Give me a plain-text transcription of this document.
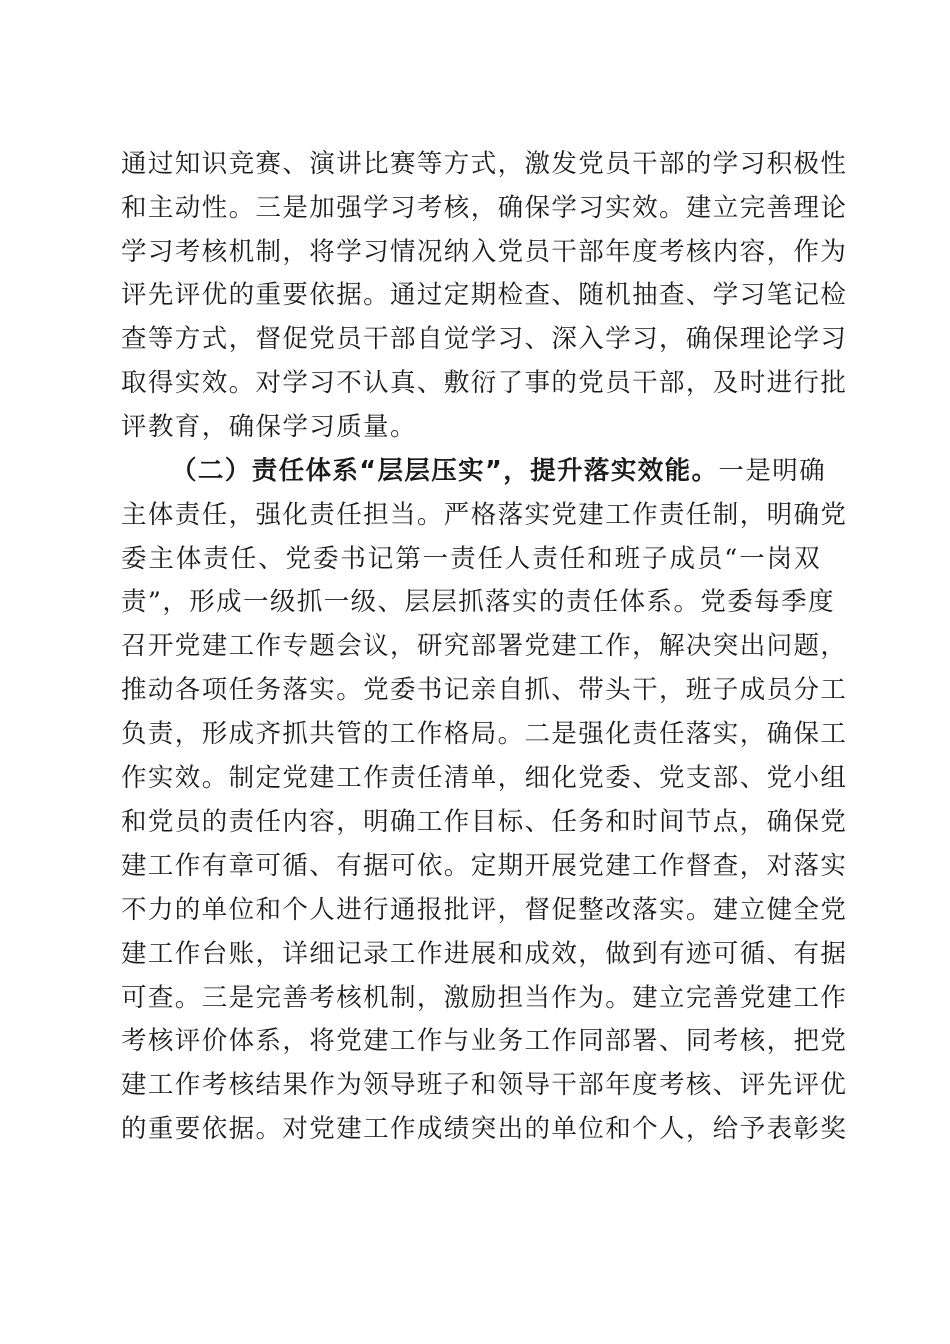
通过知识竞赛、演讲比赛等方式，激发党员干部的学习积极性
和主动性。三是加强学习考核，确保学习实效。建立完善理论
学习考核机制，将学习情况纳入党员干部年度考核内容，作为
评先评优的重要依据。通过定期检查、随机抽查、学习笔记检
查等方式，督促党员干部自觉学习、深入学习，确保理论学习
取得实效。对学习不认真、敷衍了事的党员干部，及时进行批
评教育，确保学习质量。
（二）责任体系“层层压实”，提升落实效能。一是明确
主体责任，强化责任担当。严格落实党建工作责任制，明确党
委主体责任、党委书记第一责任人责任和班子成员“一岗双
责”，形成一级抓一级、层层抓落实的责任体系。党委每季度
召开党建工作专题会议，研究部署党建工作，解决突出问题，
推动各项任务落实。党委书记亲自抓、带头干，班子成员分工
负责，形成齐抓共管的工作格局。二是强化责任落实，确保工
作实效。制定党建工作责任清单，细化党委、党支部、党小组
和党员的责任内容，明确工作目标、任务和时间节点，确保党
建工作有章可循、有据可依。定期开展党建工作督查，对落实
不力的单位和个人进行通报批评，督促整改落实。建立健全党
建工作台账，详细记录工作进展和成效，做到有迹可循、有据
可查。三是完善考核机制，激励担当作为。建立完善党建工作
考核评价体系，将党建工作与业务工作同部署、同考核，把党
建工作考核结果作为领导班子和领导干部年度考核、评先评优
的重要依据。对党建工作成绩突出的单位和个人，给予表彰奖
